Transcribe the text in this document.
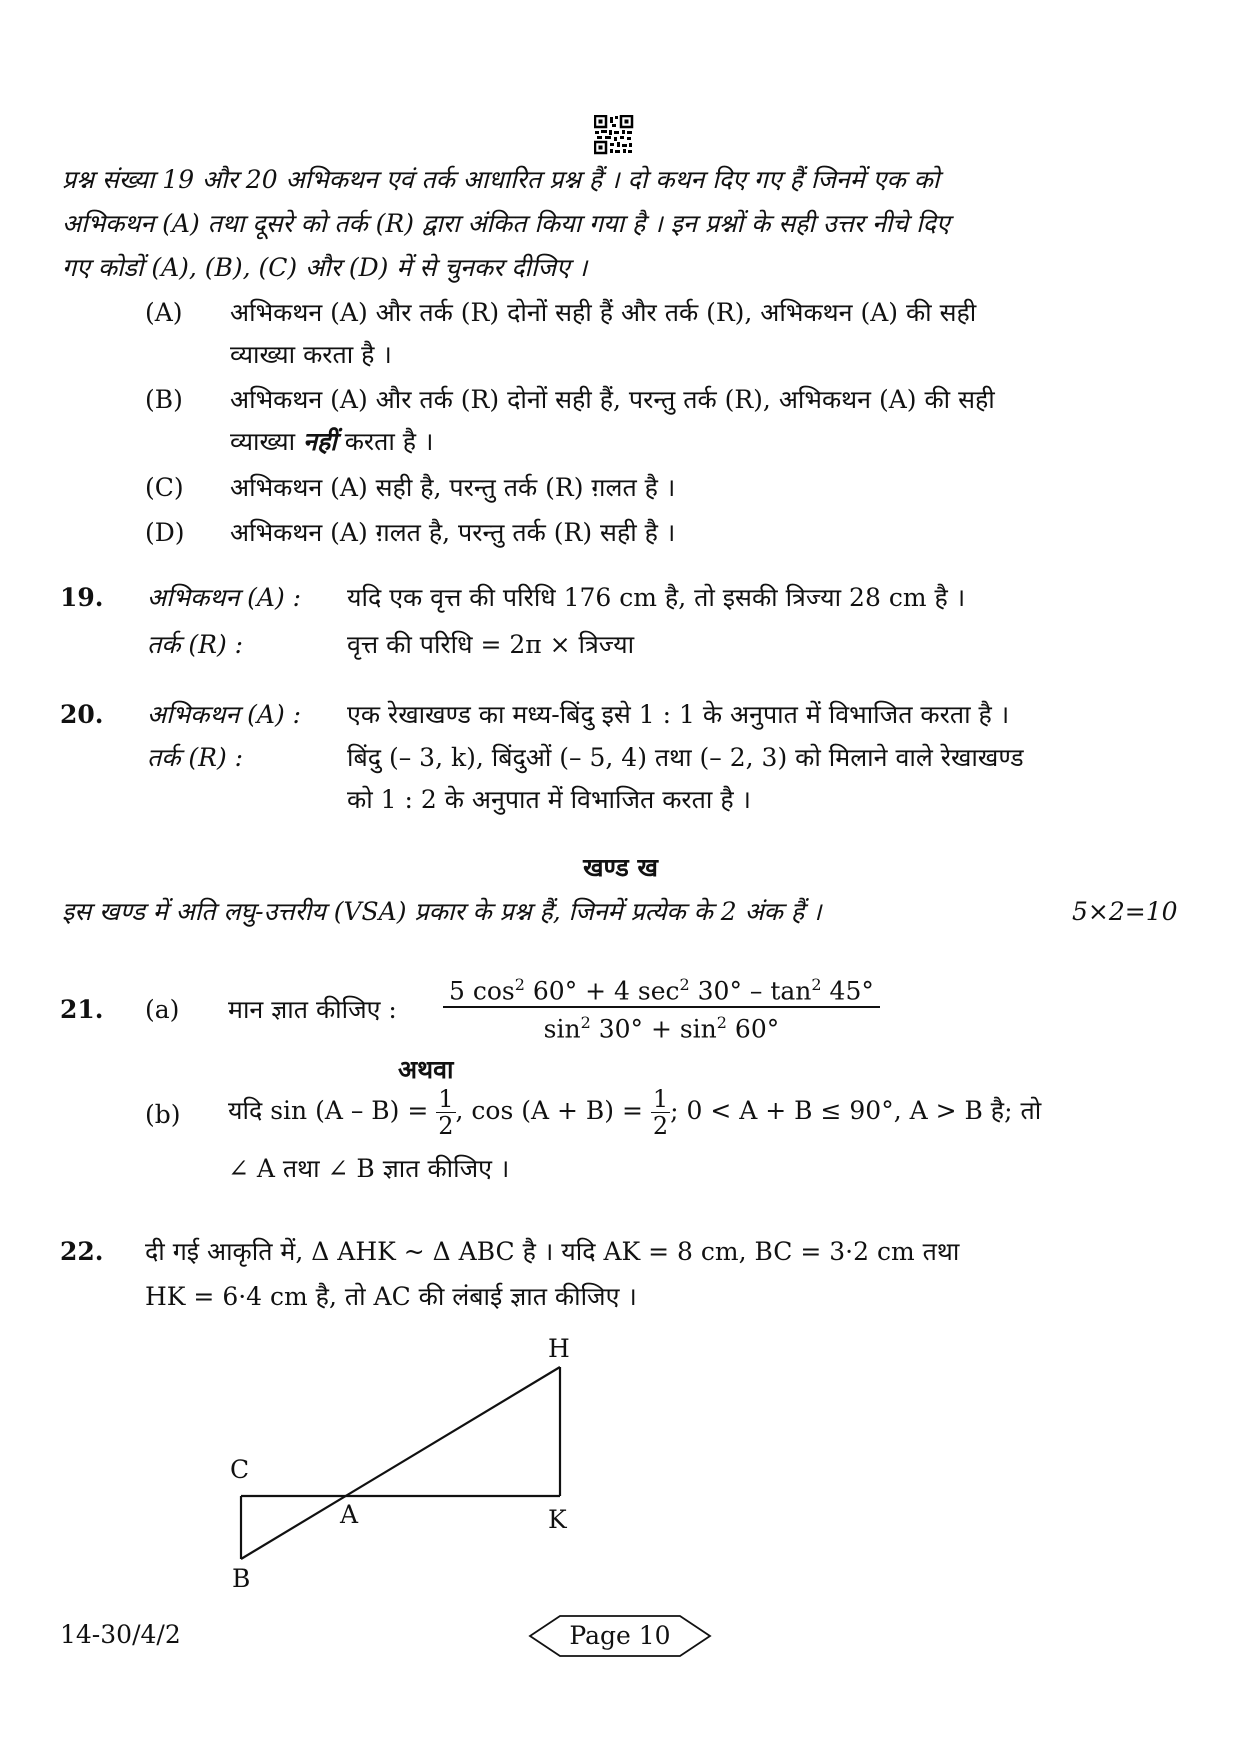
प्रश्न संख्या 19 और 20 अभिकथन एवं तर्क आधारित प्रश्न हैं । दो कथन दिए गए हैं जिनमें एक को
अभिकथन (A) तथा दूसरे को तर्क (R) द्वारा अंकित किया गया है । इन प्रश्नों के सही उत्तर नीचे दिए
गए कोडों (A), (B), (C) और (D) में से चुनकर दीजिए ।
(A) अभिकथन (A) और तर्क (R) दोनों सही हैं और तर्क (R), अभिकथन (A) की सही
व्याख्या करता है ।
(B) अभिकथन (A) और तर्क (R) दोनों सही हैं, परन्तु तर्क (R), अभिकथन (A) की सही
व्याख्या नहीं करता है ।
(C) अभिकथन (A) सही है, परन्तु तर्क (R) ग़लत है ।
(D) अभिकथन (A) ग़लत है, परन्तु तर्क (R) सही है ।
19. अभिकथन (A) : यदि एक वृत्त की परिधि 176 cm है, तो इसकी त्रिज्या 28 cm है ।
तर्क (R) :	वृत्त की परिधि = 2π × त्रिज्या
20. अभिकथन (A) : एक रेखाखण्ड का मध्य-बिंदु इसे 1 : 1 के अनुपात में विभाजित करता है ।
तर्क (R) :	बिंदु (– 3, k), बिंदुओं (– 5, 4) तथा (– 2, 3) को मिलाने वाले रेखाखण्ड
को 1 : 2 के अनुपात में विभाजित करता है ।
खण्ड ख
इस खण्ड में अति लघु-उत्तरीय (VSA) प्रकार के प्रश्न हैं, जिनमें प्रत्येक के 2 अंक हैं ।	5×2=10
21. (a) मान ज्ञात कीजिए : $\frac{5 \cos^2 60^\circ + 4 \sec^2 30^\circ - \tan^2 45^\circ}{\sin^2 30^\circ + \sin^2 60^\circ}$
अथवा
(b) यदि $\sin (A - B) = \frac{1}{2}$ , $\cos (A + B) = \frac{1}{2}$ ; 0 < A + B ≤ 90°, A > B है; तो
∠ A तथा ∠ B ज्ञात कीजिए ।
22. दी गई आकृति में, Δ AHK ~ Δ ABC है । यदि AK = 8 cm, BC = 3·2 cm तथा
HK = 6·4 cm है, तो AC की लंबाई ज्ञात कीजिए ।
H
C
A	K
B
14-30/4/2	Page 10
